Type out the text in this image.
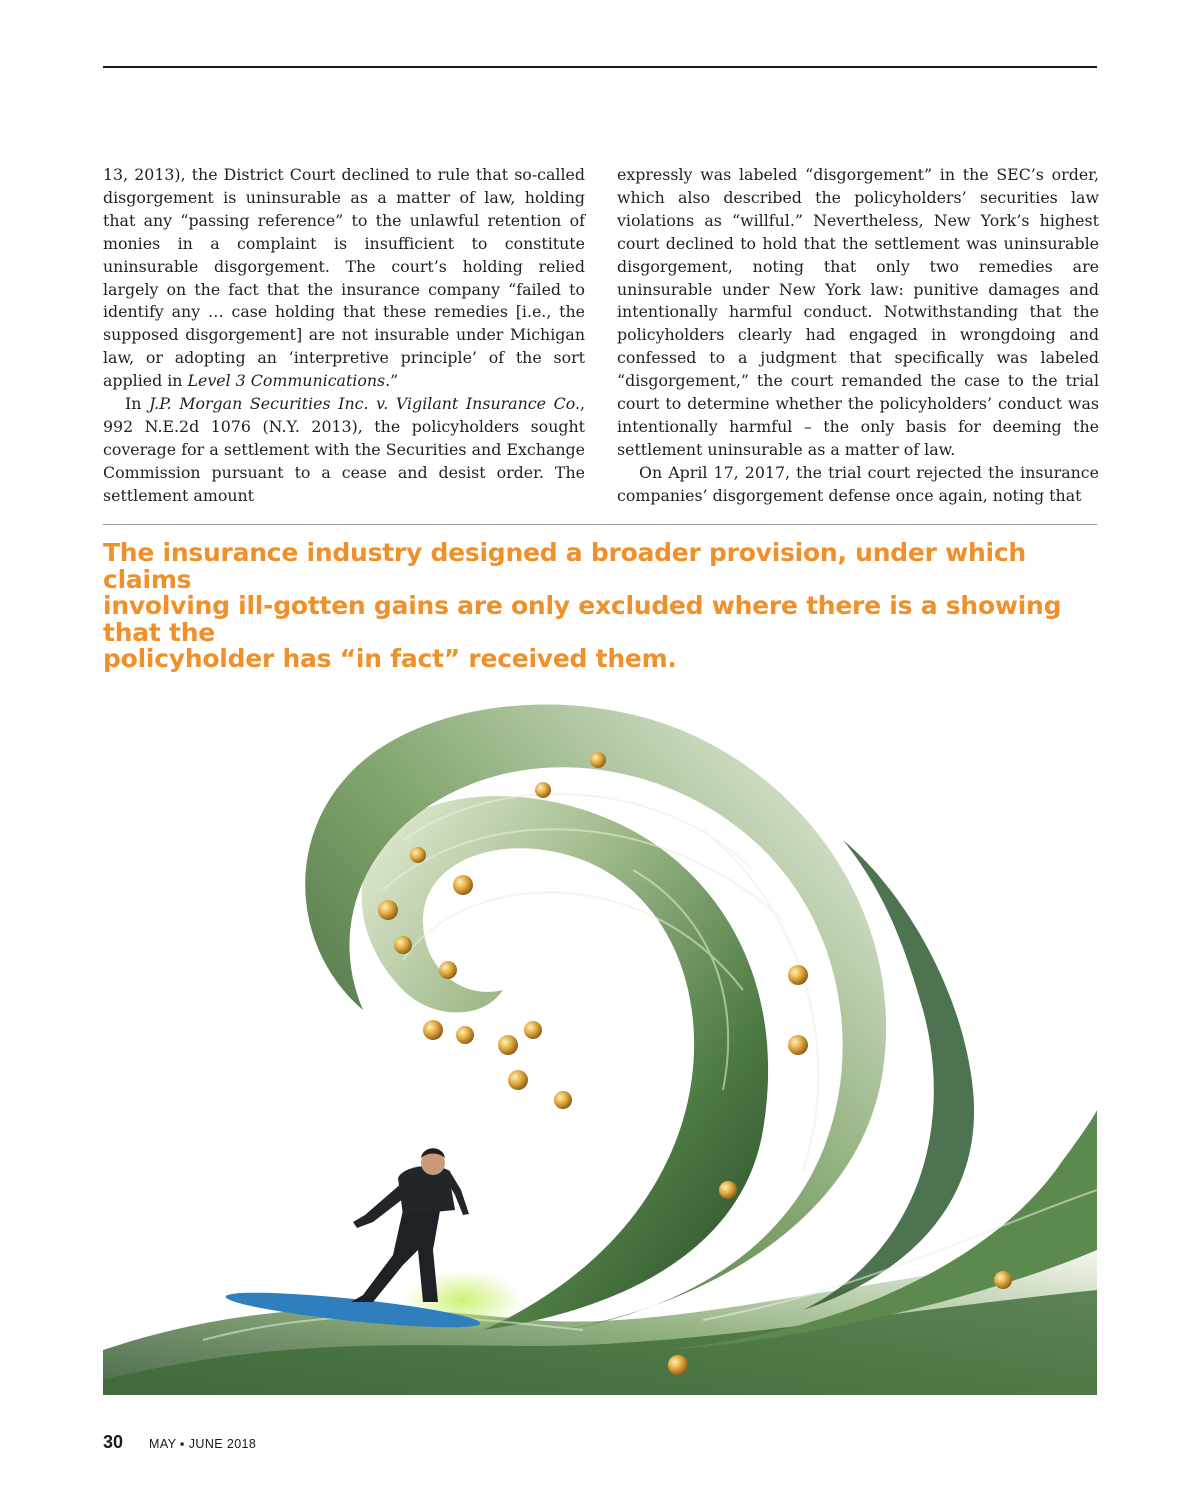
13, 2013), the District Court declined to rule that so-called disgorgement is uninsurable as a matter of law, holding that any “passing reference” to the unlawful retention of monies in a complaint is insufficient to constitute uninsurable disgorgement. The court’s holding relied largely on the fact that the insurance company “failed to identify any … case holding that these remedies [i.e., the supposed disgorgement] are not insurable under Michigan law, or adopting an ‘interpretive principle’ of the sort applied in Level 3 Communications.”

In J.P. Morgan Securities Inc. v. Vigilant Insurance Co., 992 N.E.2d 1076 (N.Y. 2013), the policyholders sought coverage for a settlement with the Securities and Exchange Commission pursuant to a cease and desist order. The settlement amount

expressly was labeled “disgorgement” in the SEC’s order, which also described the policyholders’ securities law violations as “willful.” Nevertheless, New York’s highest court declined to hold that the settlement was uninsurable disgorgement, noting that only two remedies are uninsurable under New York law: punitive damages and intentionally harmful conduct. Notwithstanding that the policyholders clearly had engaged in wrongdoing and confessed to a judgment that specifically was labeled “disgorgement,” the court remanded the case to the trial court to determine whether the policyholders’ conduct was intentionally harmful – the only basis for deeming the settlement uninsurable as a matter of law.

On April 17, 2017, the trial court rejected the insurance companies’ disgorgement defense once again, noting that

The insurance industry designed a broader provision, under which claims
involving ill-gotten gains are only excluded where there is a showing that the
policyholder has “in fact” received them.
30 MAY ▪ JUNE 2018
